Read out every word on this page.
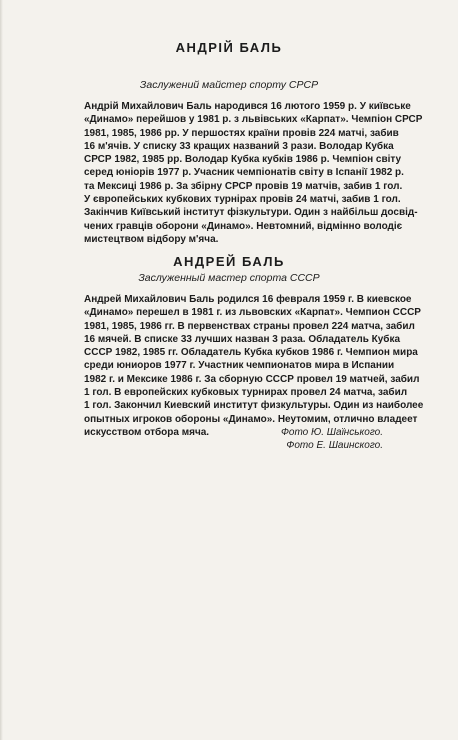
АНДРІЙ БАЛЬ

Заслужений майстер спорту СРСР

Андрій Михайлович Баль народився 16 лютого 1959 р. У київське
«Динамо» перейшов у 1981 р. з львівських «Карпат». Чемпіон СРСР
1981, 1985, 1986 рр. У першостях країни провів 224 матчі, забив
16 м'ячів. У списку 33 кращих названий 3 рази. Володар Кубка
СРСР 1982, 1985 рр. Володар Кубка кубків 1986 р. Чемпіон світу
серед юніорів 1977 р. Учасник чемпіонатів світу в Іспанії 1982 р.
та Мексиці 1986 р. За збірну СРСР провів 19 матчів, забив 1 гол.
У європейських кубкових турнірах провів 24 матчі, забив 1 гол.
Закінчив Київський інститут фізкультури. Один з найбільш досвід-
чених гравців оборони «Динамо». Невтомний, відмінно володіє
мистецтвом відбору м'яча.
АНДРЕЙ БАЛЬ

Заслуженный мастер спорта СССР

Андрей Михайлович Баль родился 16 февраля 1959 г. В киевское
«Динамо» перешел в 1981 г. из львовских «Карпат». Чемпион СССР
1981, 1985, 1986 гг. В первенствах страны провел 224 матча, забил
16 мячей. В списке 33 лучших назван 3 раза. Обладатель Кубка
СССР 1982, 1985 гг. Обладатель Кубка кубков 1986 г. Чемпион мира
среди юниоров 1977 г. Участник чемпионатов мира в Испании
1982 г. и Мексике 1986 г. За сборную СССР провел 19 матчей, забил
1 гол. В европейских кубковых турнирах провел 24 матча, забил
1 гол. Закончил Киевский институт физкультуры. Один из наиболее
опытных игроков обороны «Динамо». Неутомим, отлично владеет
искусством отбора мяча.	Фото Ю. Шаїнського.

Фото Е. Шаинского.
